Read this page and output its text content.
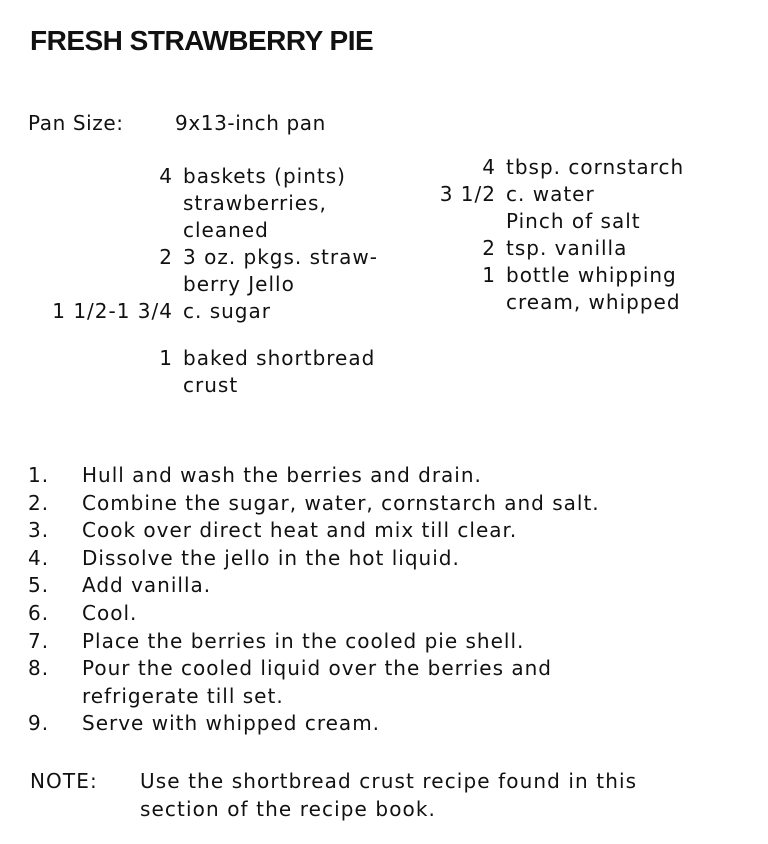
FRESH STRAWBERRY PIE
Pan Size:	9x13-inch pan
4 baskets (pints)
strawberries,
cleaned
2 3 oz. pkgs. straw-
berry Jello
1 1/2-1 3/4 c. sugar
1 baked shortbread
crust
4 tbsp. cornstarch
3 1/2 c. water
Pinch of salt
2 tsp. vanilla
1 bottle whipping
cream, whipped
1.	Hull and wash the berries and drain.
2.	Combine the sugar, water, cornstarch and salt.
3.	Cook over direct heat and mix till clear.
4.	Dissolve the jello in the hot liquid.
5.	Add vanilla.
6.	Cool.
7.	Place the berries in the cooled pie shell.
8.	Pour the cooled liquid over the berries and
refrigerate till set.
9.	Serve with whipped cream.
NOTE:	Use the shortbread crust recipe found in this
section of the recipe book.
